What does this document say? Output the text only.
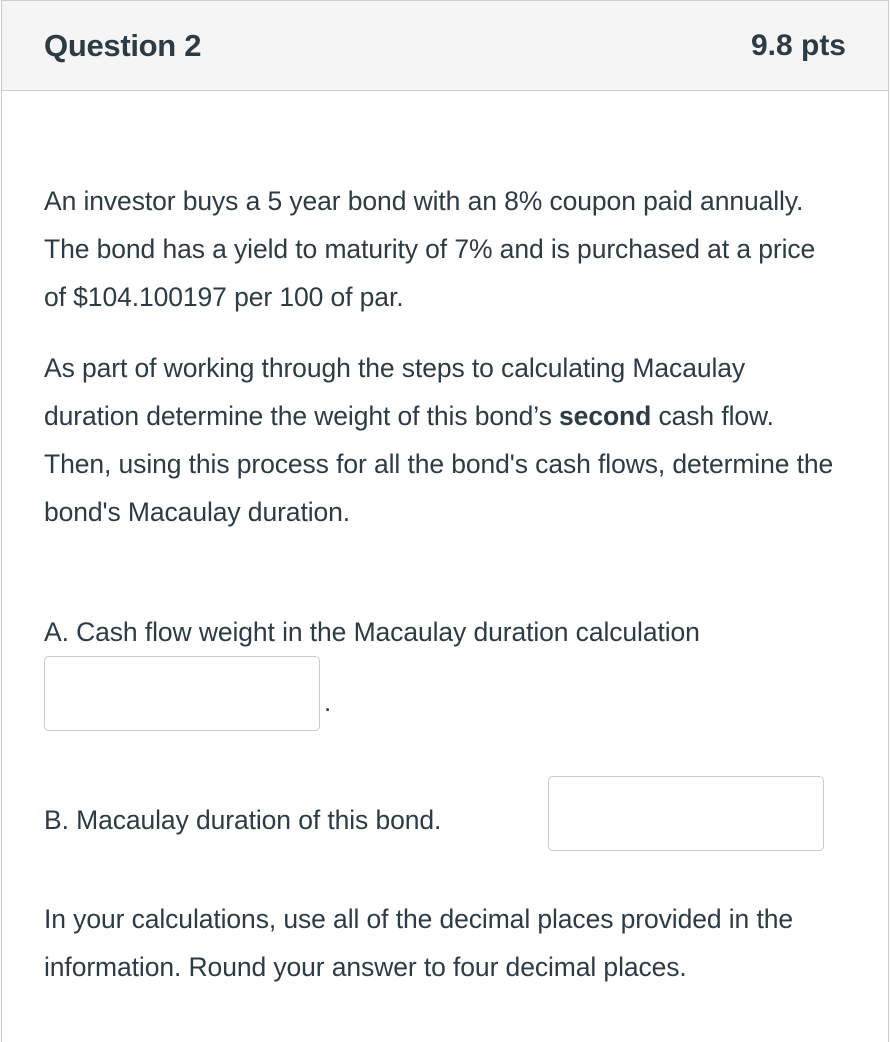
Question 2	9.8 pts

An investor buys a 5 year bond with an 8% coupon paid annually. The bond has a yield to maturity of 7% and is purchased at a price of $104.100197 per 100 of par.

As part of working through the steps to calculating Macaulay duration determine the weight of this bond’s second cash flow. Then, using this process for all the bond's cash flows, determine the bond's Macaulay duration.

A. Cash flow weight in the Macaulay duration calculation

.

B. Macaulay duration of this bond.

In your calculations, use all of the decimal places provided in the information. Round your answer to four decimal places.
